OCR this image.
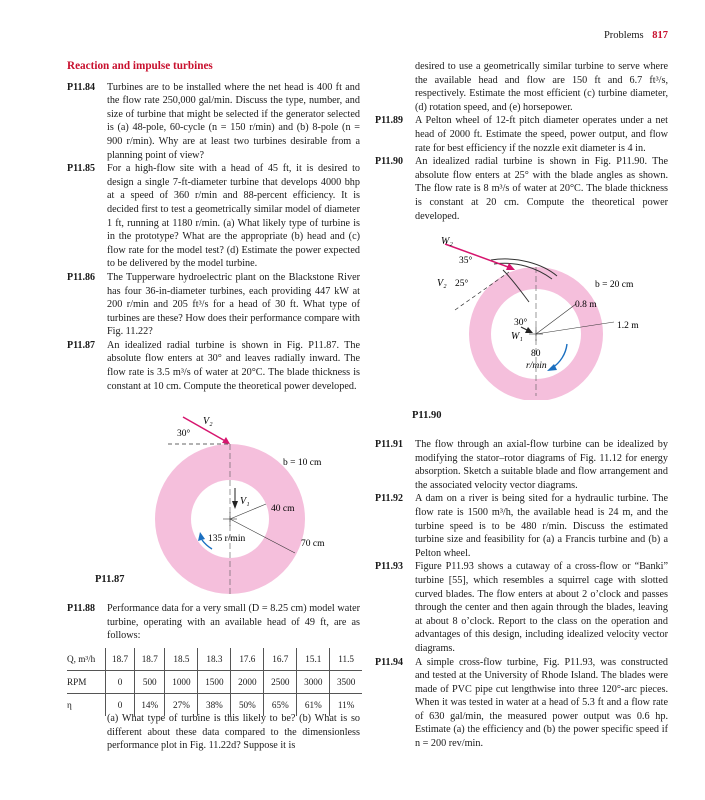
Problems 817
Reaction and impulse turbines
P11.84 Turbines are to be installed where the net head is 400 ft and the flow rate 250,000 gal/min. Discuss the type, number, and size of turbine that might be selected if the generator selected is (a) 48-pole, 60-cycle (n = 150 r/min) and (b) 8-pole (n = 900 r/min). Why are at least two turbines desirable from a planning point of view?
P11.85 For a high-flow site with a head of 45 ft, it is desired to design a single 7-ft-diameter turbine that develops 4000 bhp at a speed of 360 r/min and 88-percent efficiency. It is decided first to test a geometrically similar model of diameter 1 ft, running at 1180 r/min. (a) What likely type of turbine is in the prototype? What are the appropriate (b) head and (c) flow rate for the model test? (d) Estimate the power expected to be delivered by the model turbine.
P11.86 The Tupperware hydroelectric plant on the Blackstone River has four 36-in-diameter turbines, each providing 447 kW at 200 r/min and 205 ft³/s for a head of 30 ft. What type of turbines are these? How does their performance compare with Fig. 11.22?
P11.87 An idealized radial turbine is shown in Fig. P11.87. The absolute flow enters at 30° and leaves radially inward. The flow rate is 3.5 m³/s of water at 20°C. The blade thickness is constant at 10 cm. Compute the theoretical power developed.
V₂
30°
b = 10 cm
V₁
40 cm
70 cm
135 r/min
P11.87
P11.88 Performance data for a very small (D = 8.25 cm) model water turbine, operating with an available head of 49 ft, are as follows:
Q, m³/h	18.7	18.7	18.5	18.3	17.6	16.7	15.1	11.5
RPM	0	500	1000	1500	2000	2500	3000	3500
η	0	14%	27%	38%	50%	65%	61%	11%
(a) What type of turbine is this likely to be? (b) What is so different about these data compared to the dimensionless performance plot in Fig. 11.22d? Suppose it is
desired to use a geometrically similar turbine to serve where the available head and flow are 150 ft and 6.7 ft³/s, respectively. Estimate the most efficient (c) turbine diameter, (d) rotation speed, and (e) horsepower.
P11.89 A Pelton wheel of 12-ft pitch diameter operates under a net head of 2000 ft. Estimate the speed, power output, and flow rate for best efficiency if the nozzle exit diameter is 4 in.
P11.90 An idealized radial turbine is shown in Fig. P11.90. The absolute flow enters at 25° with the blade angles as shown. The flow rate is 8 m³/s of water at 20°C. The blade thickness is constant at 20 cm. Compute the theoretical power developed.
W₂
35°
V₂ 25°	b = 20 cm
0.8 m
30°
W₁
1.2 m
80
r/min
P11.90
P11.91 The flow through an axial-flow turbine can be idealized by modifying the stator–rotor diagrams of Fig. 11.12 for energy absorption. Sketch a suitable blade and flow arrangement and the associated velocity vector diagrams.
P11.92 A dam on a river is being sited for a hydraulic turbine. The flow rate is 1500 m³/h, the available head is 24 m, and the turbine speed is to be 480 r/min. Discuss the estimated turbine size and feasibility for (a) a Francis turbine and (b) a Pelton wheel.
P11.93 Figure P11.93 shows a cutaway of a cross-flow or “Banki” turbine [55], which resembles a squirrel cage with slotted curved blades. The flow enters at about 2 o’clock and passes through the center and then again through the blades, leaving at about 8 o’clock. Report to the class on the operation and advantages of this design, including idealized velocity vector diagrams.
P11.94 A simple cross-flow turbine, Fig. P11.93, was constructed and tested at the University of Rhode Island. The blades were made of PVC pipe cut lengthwise into three 120°-arc pieces. When it was tested in water at a head of 5.3 ft and a flow rate of 630 gal/min, the measured power output was 0.6 hp. Estimate (a) the efficiency and (b) the power specific speed if n = 200 rev/min.
